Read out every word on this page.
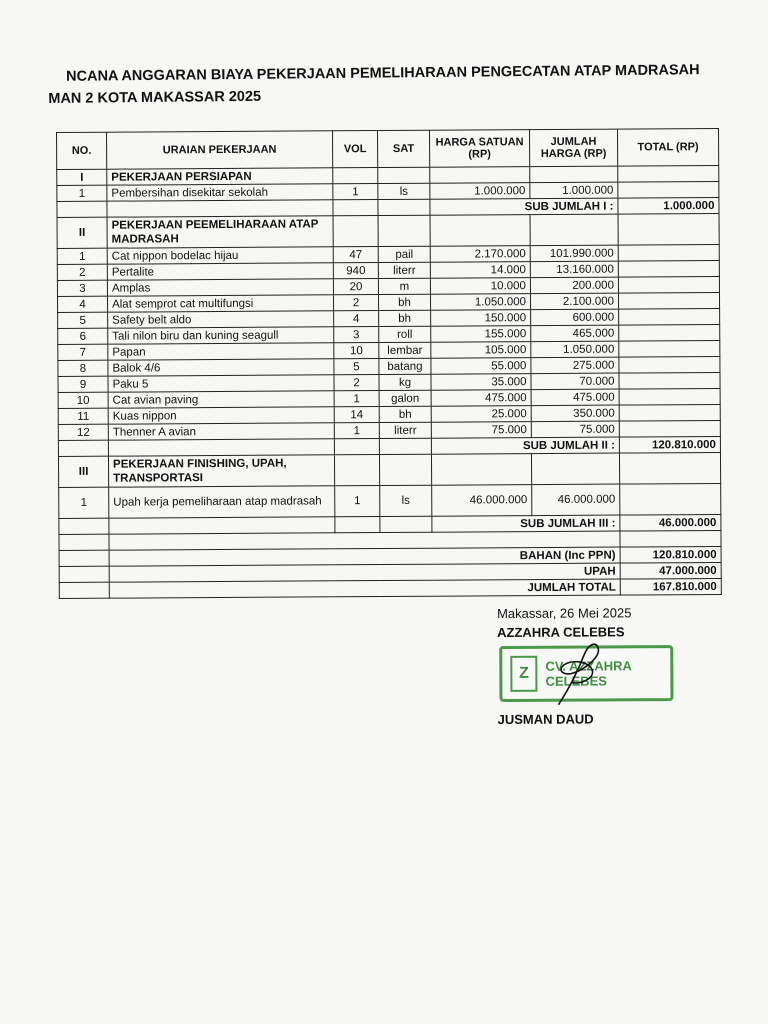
NCANA ANGGARAN BIAYA PEKERJAAN PEMELIHARAAN PENGECATAN ATAP MADRASAH
MAN 2 KOTA MAKASSAR 2025
NO.	URAIAN PEKERJAAN	VOL	SAT	HARGA SATUAN (RP)	JUMLAH HARGA (RP)	TOTAL (RP)
I	PEKERJAAN PERSIAPAN					
1	Pembersihan disekitar sekolah	1	ls	1.000.000	1.000.000	
				SUB JUMLAH I :		1.000.000
II	PEKERJAAN PEEMELIHARAAN ATAP MADRASAH					
1	Cat nippon bodelac hijau	47	pail	2.170.000	101.990.000	
2	Pertalite	940	literr	14.000	13.160.000	
3	Amplas	20	m	10.000	200.000	
4	Alat semprot cat multifungsi	2	bh	1.050.000	2.100.000	
5	Safety belt aldo	4	bh	150.000	600.000	
6	Tali nilon biru dan kuning seagull	3	roll	155.000	465.000	
7	Papan	10	lembar	105.000	1.050.000	
8	Balok 4/6	5	batang	55.000	275.000	
9	Paku 5	2	kg	35.000	70.000	
10	Cat avian paving	1	galon	475.000	475.000	
11	Kuas nippon	14	bh	25.000	350.000	
12	Thenner A avian	1	literr	75.000	75.000	
				SUB JUMLAH II :		120.810.000
III	PEKERJAAN FINISHING, UPAH, TRANSPORTASI					
1	Upah kerja pemeliharaan atap madrasah	1	ls	46.000.000	46.000.000	
				SUB JUMLAH III :		46.000.000

	BAHAN (Inc PPN)					120.810.000
	UPAH					47.000.000
	JUMLAH TOTAL					167.810.000
Makassar, 26 Mei 2025
AZZAHRA CELEBES
Z	CV. AZZAHRA CELEBES
JUSMAN DAUD
